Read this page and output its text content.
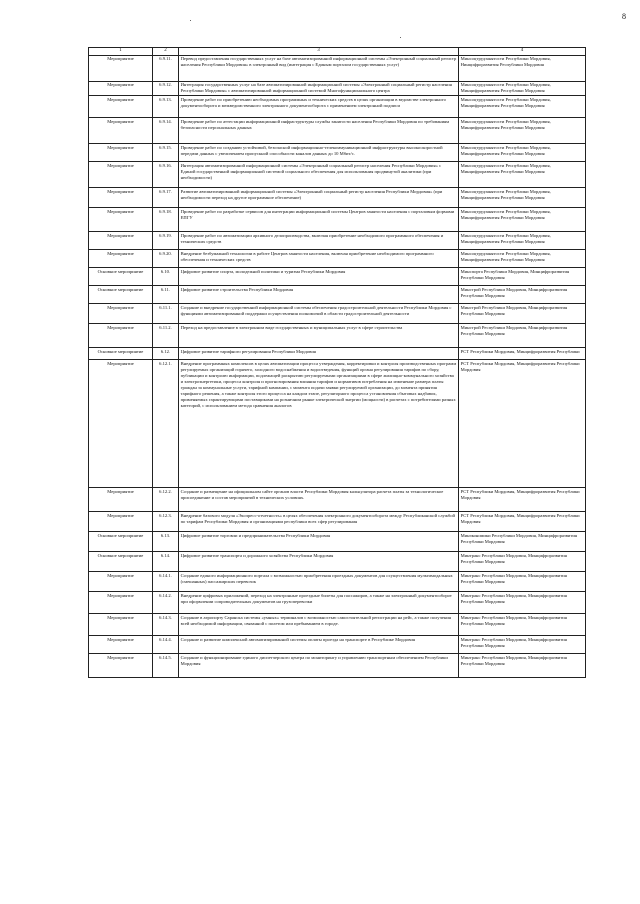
8
1	2	3	4
Мероприятие	6.9.11.	Перевод предоставления государственных услуг на базе автоматизированной информационной системы «Электронный социальный регистр населения Республики Мордовия» в электронный вид (интеграция с Единым порталом государственных услуг)	Минсоцтрудзанятости Республики Мордовия, Нинцифроразвития Республики Мордовия
Мероприятие	6.9.12.	Интеграция государственных услуг на базе автоматизированной информационной системы «Электронный социальный регистр населения Республики Мордовия» с автоматизированной информационной системой Многофункционального центра	Минсоцтрудзанятости Республики Мордовия, Минцифроразвития Республики Мордовия
Мероприятие	6.9.13.	Проведение работ по приобретению необходимых программных и технических средств в целях организации в ведомстве электронного документооборота и межведомственного электронного документооборота с применением электронной подписи	Минсоцтрудзанятости Республики Мордовия, Минцифроразвития Республики Мордовия
Мероприятие	6.9.14.	Проведение работ по аттестации информационной инфраструктуры службы занятости населения Республики Мордовия по требованиям безопасности персональных данных	Минсоцтрудзанятости Республики Мордовия, Минцифроразвития Республики Мордовия
Мероприятие	6.9.15.	Проведение работ по созданию устойчивой, безопасной информационно-телекоммуникационной инфраструктуры высокоскоростной передачи данных с увеличением пропускной способности каналов данных до 10 Мбит/с.	Минсоцтрудзанятости Республики Мордовия, Минцифроразвития Республики Мордовия
Мероприятие	6.9.16.	Интеграция автоматизированной информационной системы «Электронный социальный регистр населения Республики Мордовия» с Единой государственной информационной системой социального обеспечения для использования продвинутой аналитики (при необходимости)	Минсоцтрудзанятости Республики Мордовия, Минцифроразвития Республики Мордовия
Мероприятие	6.9.17.	Развитие автоматизированной информационной системы «Электронный социальный регистр населения Республики Мордовия» (при необходимости переход на другое программное обеспечение)	Минсоцтрудзанятости Республики Мордовия, Минцифроразвития Республики Мордовия
Мероприятие	6.9.18.	Проведение работ по разработке сервисов для интеграции информационной системы Центров занятости населения с порталовым формами ЕПГУ	Минсоцтрудзанятости Республики Мордовия, Минцифроразвития Республики Мордовия
Мероприятие	6.9.19.	Проведение работ по автоматизации архивного делопроизводства, включая приобретение необходимого программного обеспечения и технических средств	Минсоцтрудзанятости Республики Мордовия, Минцифроразвития Республики Мордовия
Мероприятие	6.9.20.	Внедрение безбумажной технологии в работе Центров занятости населения, включая приобретение необходимого программного обеспечения и технических средств	Минсоцтрудзанятости Республики Мордовия, Минцифроразвития Республики Мордовия
Основное мероприятие	6.10.	Цифровое развитие спорта, молодежной политики и туризма Республики Мордовия	Минспорта Республики Мордовия, Минцифроразвития Республики Мордовия
Основное мероприятие	6.11.	Цифровое развитие строительства Республики Мордовия	Минстрой Республики Мордовия, Минцифроразвития Республики Мордовия
Мероприятие	6.11.1.	Создание и внедрение государственной информационной системы обеспечения градостроительной деятельности Республики Мордовия с функциями автоматизированной поддержки осуществления полномочий в области градостроительной деятельности	Минстрой Республики Мордовия, Минцифроразвития Республики Мордовия
Мероприятие	6.11.2.	Переход на предоставление в электронном виде государственных и муниципальных услуг в сфере строительства	Минстрой Республики Мордовия, Минцифроразвития Республики Мордовия
Основное мероприятие	6.12.	Цифровое развитие тарифного регулирования Республики Мордовия	РСТ Республики Мордовия, Минцифроразвития Республики
Мероприятие	6.12.1.	Внедрение программных комплексов в целях автоматизации процесса утверждения, корректировки и контроля производственных программ регулируемых организаций горячего, холодного водоснабжения и водоотведения, функций органа регулирования тарифов по сбору, публикации и контролю информации, подлежащей раскрытию регулируемыми организациями в сфере жилищно-коммунального хозяйства и электроэнергетики, процесса контроля и прогнозирования влияния тарифов и нормативов потребления на изменение размера платы граждан за коммунальные услуги, тарифной кампании, с момента подачи заявки регулируемой организации, до момента принятия тарифного решения, а также контроля этого процесса на каждом этапе, регуляторного процесса установления сбытовых надбавок, применяемых гарантирующими поставщиками на розничном рынке электрической энергии (мощности) в расчетах с потребителями разных категорий, с использованием метода сравнения аналогов	РСТ Республики Мордовия, Минцифроразвития Республики Мордовия
Мероприятие	6.12.2.	Создание и размещение на официальном сайте органов власти Республики Мордовия калькулятора расчета платы за технологическое присоединение и состав мероприятий в технических условиях.	РСТ Республики Мордовия, Минцифроразвития Республики Мордовия
Мероприятие	6.12.3.	Внедрение базового модуля «Экспресс-отчетность» в целях обеспечения электронного документооборота между Республиканской службой по тарифам Республики Мордовия и организациями республики всех сфер регулирования	РСТ Республики Мордовия, Минцифроразвития Республики Мордовия
Основное мероприятие	6.13.	Цифровое развитие торговли и предпринимательства Республики Мордовия	Минэкономики Республики Мордовия, Минцифроразвития Республики Мордовия
Основное мероприятие	6.14.	Цифровое развитие транспорта и дорожного хозяйства Республики Мордовия	Минтранс Республики Мордовия, Минцифроразвития Республики Мордовия
Мероприятие	6.14.1.	Создание единого информационного портала с возможностью приобретения проездных документов для осуществления мультимодальных (смешанных) пассажирских перевозок	Минтранс Республики Мордовия, Минцифроразвития Республики Мордовия
Мероприятие	6.14.2.	Внедрение цифровых приложений, переход на электронные проездные билеты для пассажиров, а также на электронный документооборот при оформлении сопроводительных документов на грузоперевозки	Минтранс Республики Мордовия, Минцифроразвития Республики Мордовия
Мероприятие	6.14.3.	Создание в аэропорту Саранска системы «умных» терминалов с возможностью самостоятельной регистрации на рейс, а также получения всей необходимой информации, связанной с полетом или пребыванием в городе.	Минтранс Республики Мордовия, Минцифроразвития Республики Мордовия
Мероприятие	6.14.4.	Создание и развитие комплексной автоматизированной системы оплаты проезда на транспорте в Республике Мордовия	Минтранс Республики Мордовия, Минцифроразвития Республики Мордовия
Мероприятие	6.14.5.	Создание и функционирование единого диспетчерского центра по мониторингу и управлению транспортным обеспечением Республики Мордовия	Минтранс Республики Мордовия, Минцифроразвития Республики Мордовия
